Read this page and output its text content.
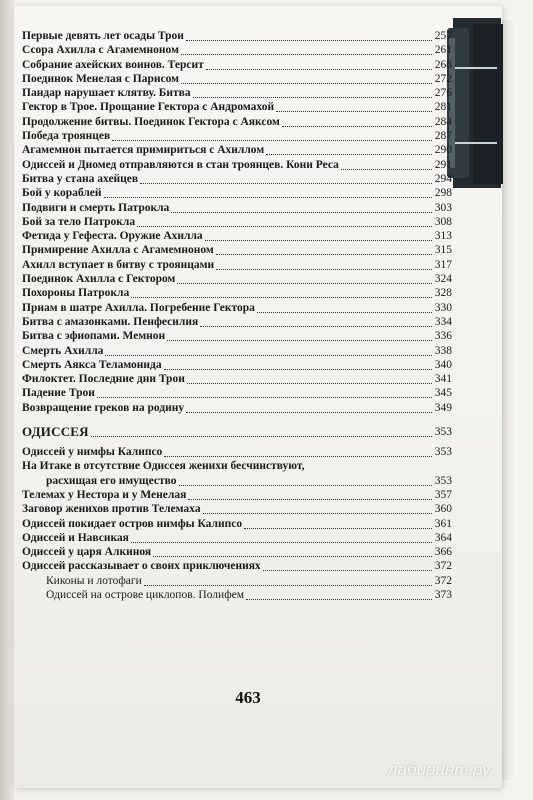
Первые девять лет осады Трои	257
Ссора Ахилла с Агамемноном	261
Собрание ахейских воинов. Терсит	268
Поединок Менелая с Парисом	272
Пандар нарушает клятву. Битва	276
Гектор в Трое. Прощание Гектора с Андромахой	281
Продолжение битвы. Поединок Гектора с Аяксом	284
Победа троянцев	287
Агамемнон пытается примириться с Ахиллом	290
Одиссей и Диомед отправляются в стан троянцев. Кони Реса	291
Битва у стана ахейцев	294
Бой у кораблей	298
Подвиги и смерть Патрокла	303
Бой за тело Патрокла	308
Фетида у Гефеста. Оружие Ахилла	313
Примирение Ахилла с Агамемноном	315
Ахилл вступает в битву с троянцами	317
Поединок Ахилла с Гектором	324
Похороны Патрокла	328
Приам в шатре Ахилла. Погребение Гектора	330
Битва с амазонками. Пенфесилия	334
Битва с эфиопами. Мемнон	336
Смерть Ахилла	338
Смерть Аякса Теламонида	340
Филоктет. Последние дни Трои	341
Падение Трои	345
Возвращение греков на родину	349
ОДИССЕЯ	353
Одиссей у нимфы Калипсо	353
На Итаке в отсутствие Одиссея женихи бесчинствуют,
расхищая его имущество	353
Телемах у Нестора и у Менелая	357
Заговор женихов против Телемаха	360
Одиссей покидает остров нимфы Калипсо	361
Одиссей и Навсикая	364
Одиссей у царя Алкиноя	366
Одиссей рассказывает о своих приключениях	372
Киконы и лотофаги	372
Одиссей на острове циклопов. Полифем	373
463
лабиринт.ру
